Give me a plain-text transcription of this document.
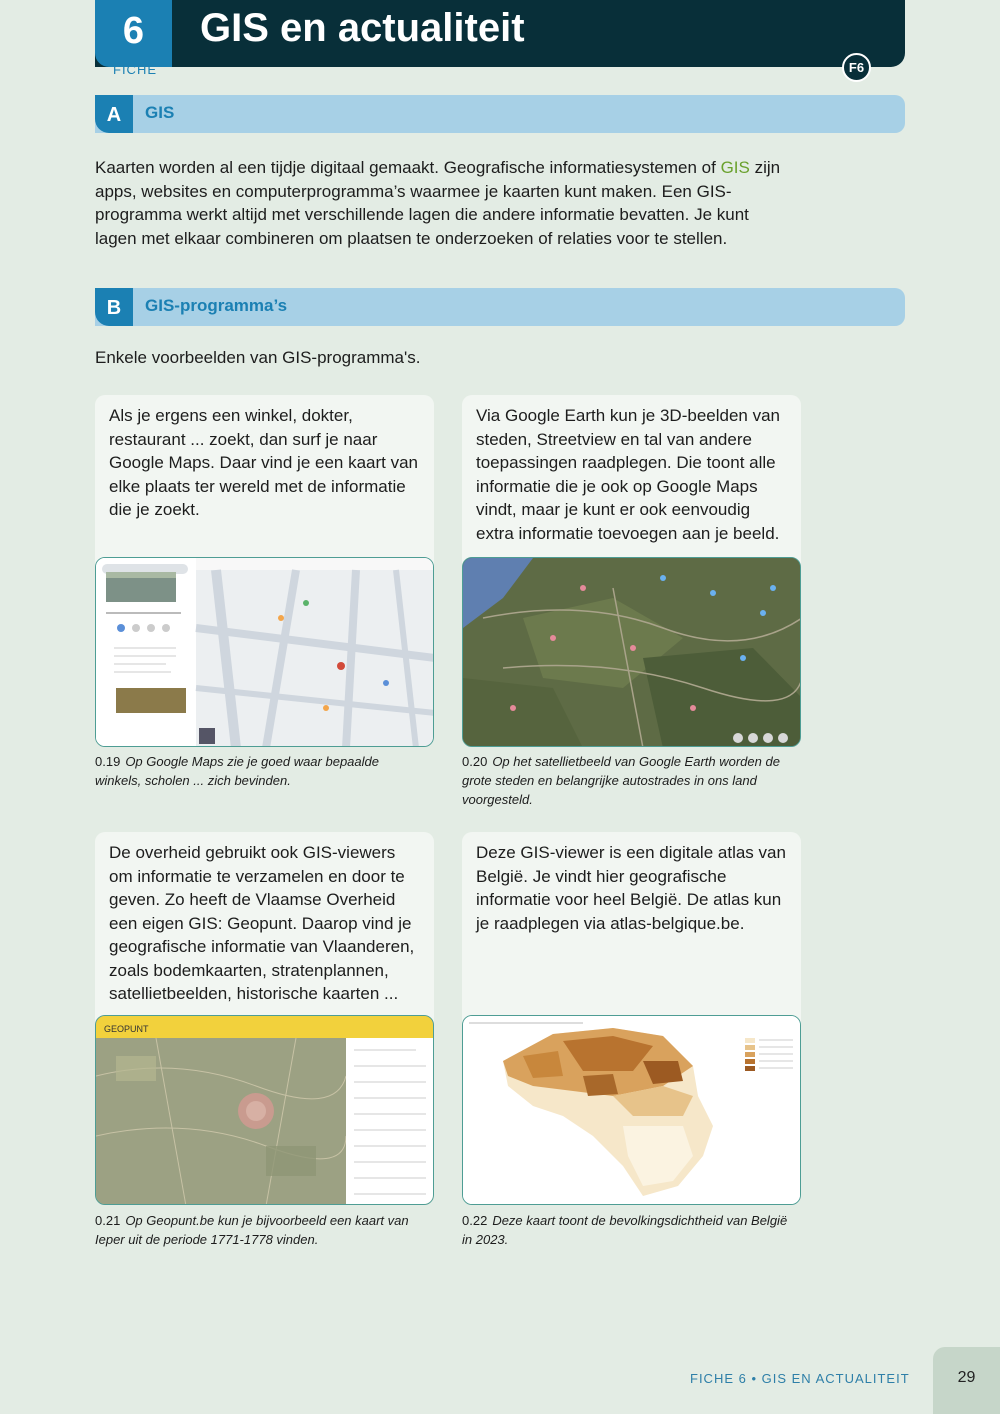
6
FICHE
GIS en actualiteit
F6
A	GIS

Kaarten worden al een tijdje digitaal gemaakt. Geografische informatiesystemen of GIS zijn apps, websites en computerprogramma’s waarmee je kaarten kunt maken. Een GIS-programma werkt altijd met verschillende lagen die andere informatie bevatten. Je kunt lagen met elkaar combineren om plaatsen te onderzoeken of relaties voor te stellen.

B	GIS-programma’s

Enkele voorbeelden van GIS-programma's.

Als je ergens een winkel, dokter, restaurant ... zoekt, dan surf je naar Google Maps. Daar vind je een kaart van elke plaats ter wereld met de informatie die je zoekt.

0.19 Op Google Maps zie je goed waar bepaalde winkels, scholen ... zich bevinden.

Via Google Earth kun je 3D-beelden van steden, Streetview en tal van andere toepassingen raadplegen. Die toont alle informatie die je ook op Google Maps vindt, maar je kunt er ook eenvoudig extra informatie toevoegen aan je beeld.

0.20 Op het satellietbeeld van Google Earth worden de grote steden en belangrijke autostrades in ons land voorgesteld.

De overheid gebruikt ook GIS-viewers om informatie te verzamelen en door te geven. Zo heeft de Vlaamse Overheid een eigen GIS: Geopunt. Daarop vind je geografische informatie van Vlaanderen, zoals bodemkaarten, stratenplannen, satellietbeelden, historische kaarten ...

GEOPUNT

0.21 Op Geopunt.be kun je bijvoorbeeld een kaart van Ieper uit de periode 1771-1778 vinden.

Deze GIS-viewer is een digitale atlas van België. Je vindt hier geografische informatie voor heel België. De atlas kun je raadplegen via atlas-belgique.be.

0.22 Deze kaart toont de bevolkingsdichtheid van België in 2023.

FICHE 6 • GIS EN ACTUALITEIT	29
